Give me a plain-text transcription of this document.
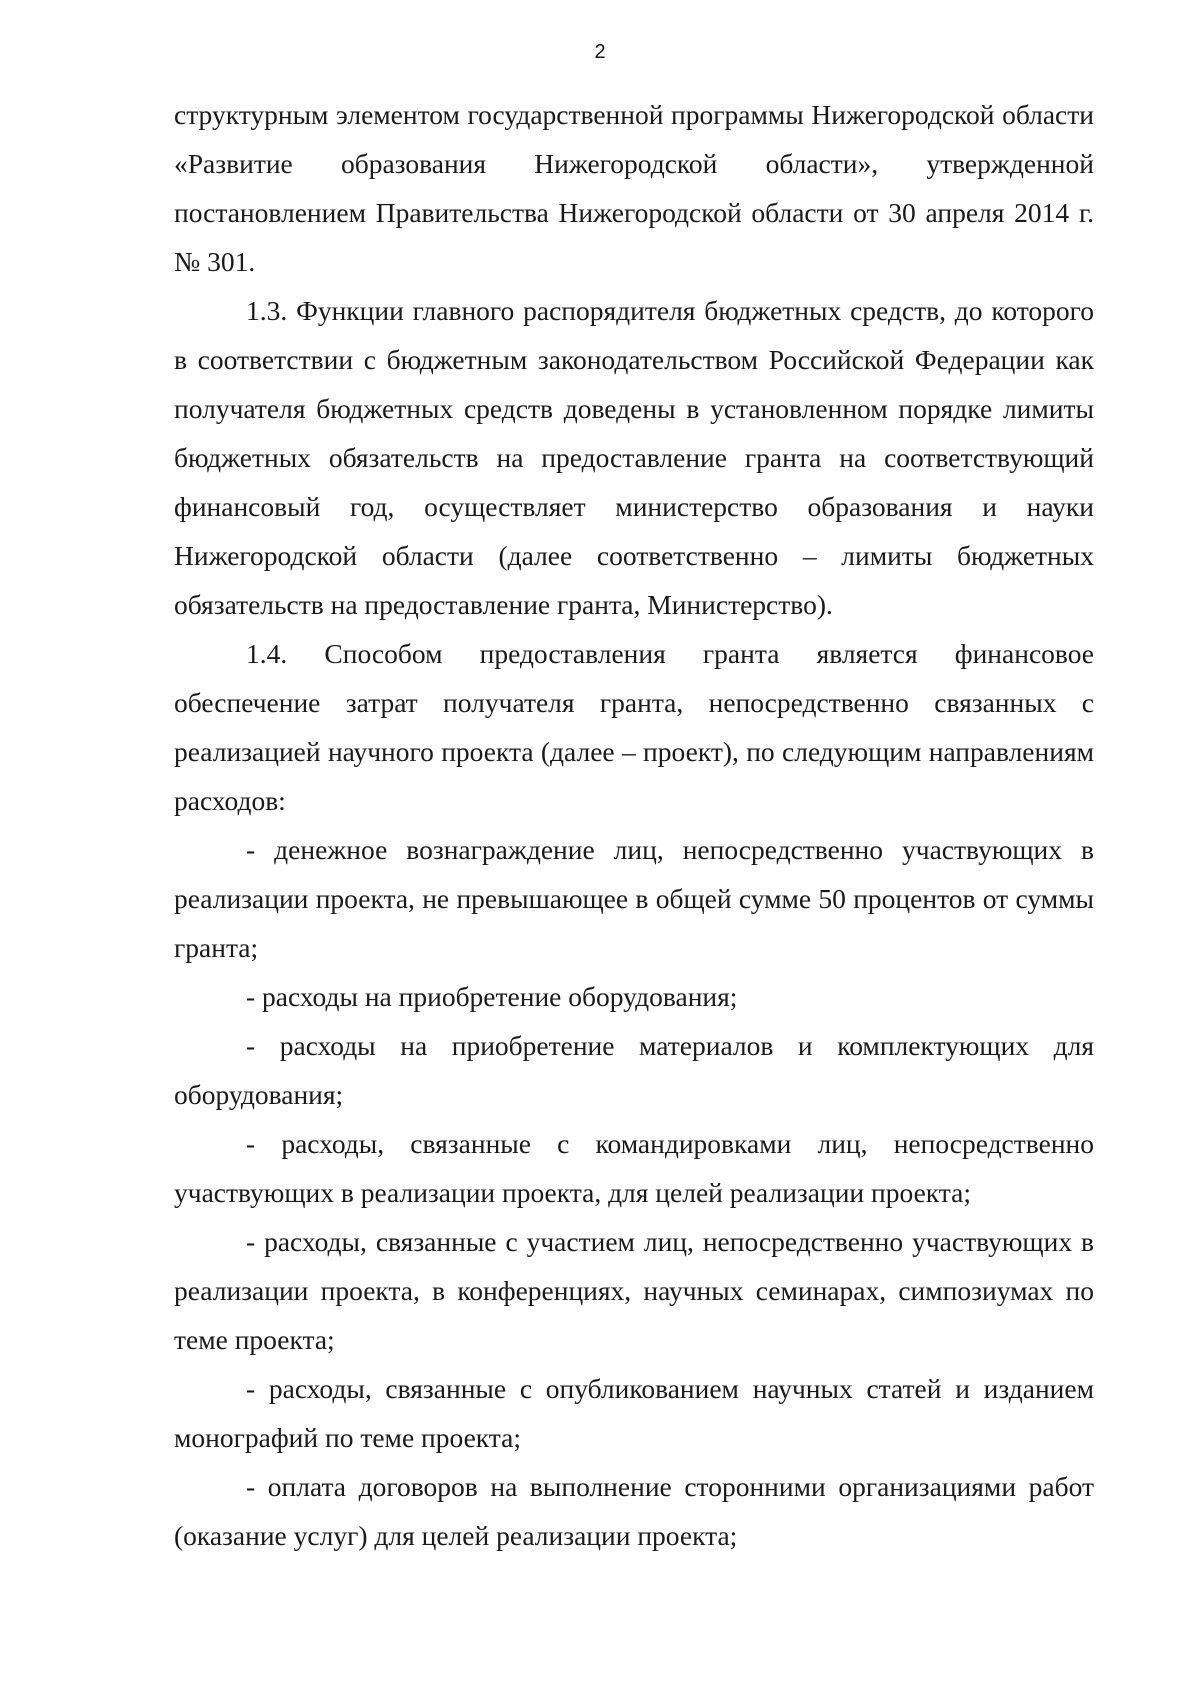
2

структурным элементом государственной программы Нижегородской области «Развитие образования Нижегородской области», утвержденной постановлением Правительства Нижегородской области от 30 апреля 2014 г. № 301.

1.3. Функции главного распорядителя бюджетных средств, до которого в соответствии с бюджетным законодательством Российской Федерации как получателя бюджетных средств доведены в установленном порядке лимиты бюджетных обязательств на предоставление гранта на соответствующий финансовый год, осуществляет министерство образования и науки Нижегородской области (далее соответственно – лимиты бюджетных обязательств на предоставление гранта, Министерство).

1.4. Способом предоставления гранта является финансовое обеспечение затрат получателя гранта, непосредственно связанных с реализацией научного проекта (далее – проект), по следующим направлениям расходов:

- денежное вознаграждение лиц, непосредственно участвующих в реализации проекта, не превышающее в общей сумме 50 процентов от суммы гранта;

- расходы на приобретение оборудования;

- расходы на приобретение материалов и комплектующих для оборудования;

- расходы, связанные с командировками лиц, непосредственно участвующих в реализации проекта, для целей реализации проекта;

- расходы, связанные с участием лиц, непосредственно участвующих в реализации проекта, в конференциях, научных семинарах, симпозиумах по теме проекта;

- расходы, связанные с опубликованием научных статей и изданием монографий по теме проекта;

- оплата договоров на выполнение сторонними организациями работ (оказание услуг) для целей реализации проекта;
